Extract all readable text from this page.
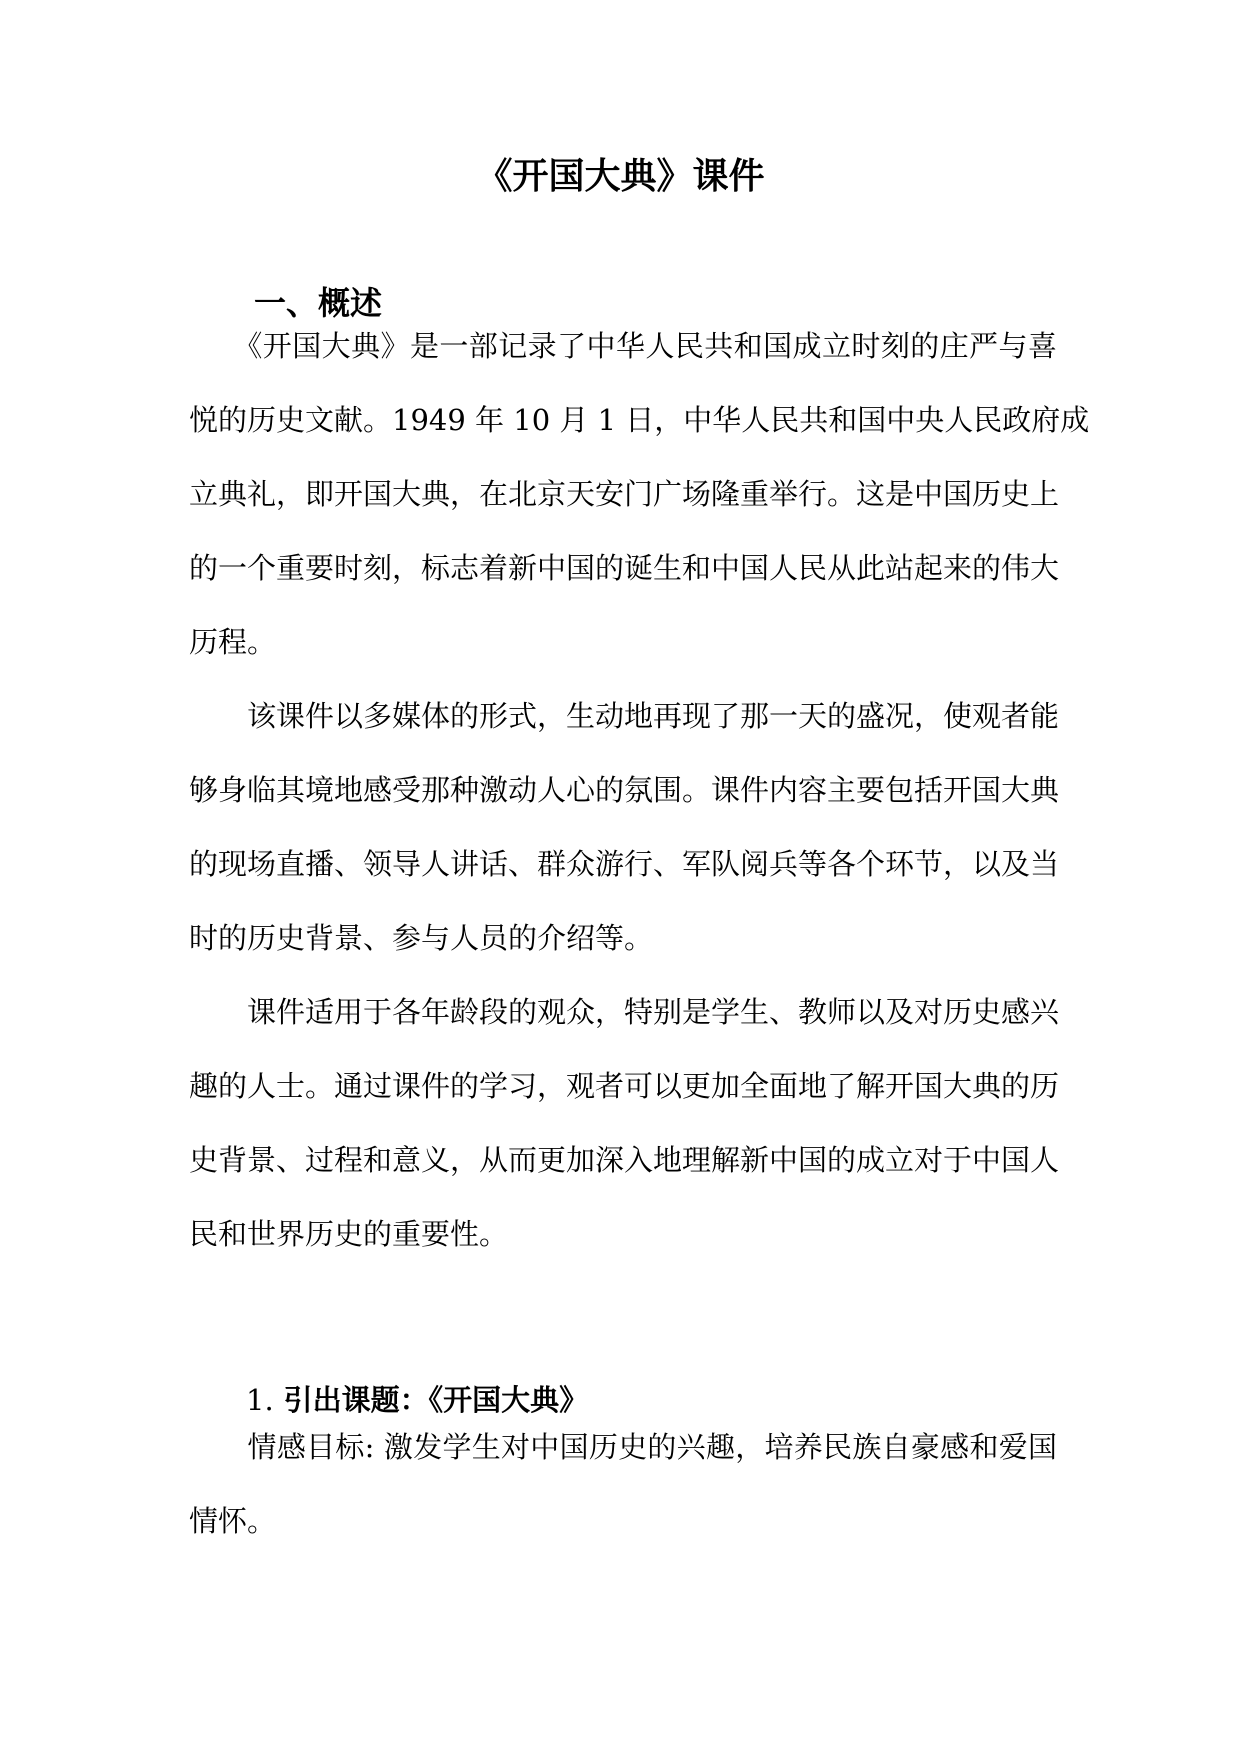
《开国大典》课件
一、概述
　　《开国大典》是一部记录了中华人民共和国成立时刻的庄严与喜
悦的历史文献。1949 年 10 月 1 日，中华人民共和国中央人民政府成
立典礼，即开国大典，在北京天安门广场隆重举行。这是中国历史上
的一个重要时刻，标志着新中国的诞生和中国人民从此站起来的伟大
历程。
　　该课件以多媒体的形式，生动地再现了那一天的盛况，使观者能
够身临其境地感受那种激动人心的氛围。课件内容主要包括开国大典
的现场直播、领导人讲话、群众游行、军队阅兵等各个环节，以及当
时的历史背景、参与人员的介绍等。
　　课件适用于各年龄段的观众，特别是学生、教师以及对历史感兴
趣的人士。通过课件的学习，观者可以更加全面地了解开国大典的历
史背景、过程和意义，从而更加深入地理解新中国的成立对于中国人
民和世界历史的重要性。
1. 引出课题：《开国大典》
　　情感目标: 激发学生对中国历史的兴趣，培养民族自豪感和爱国
情怀。
